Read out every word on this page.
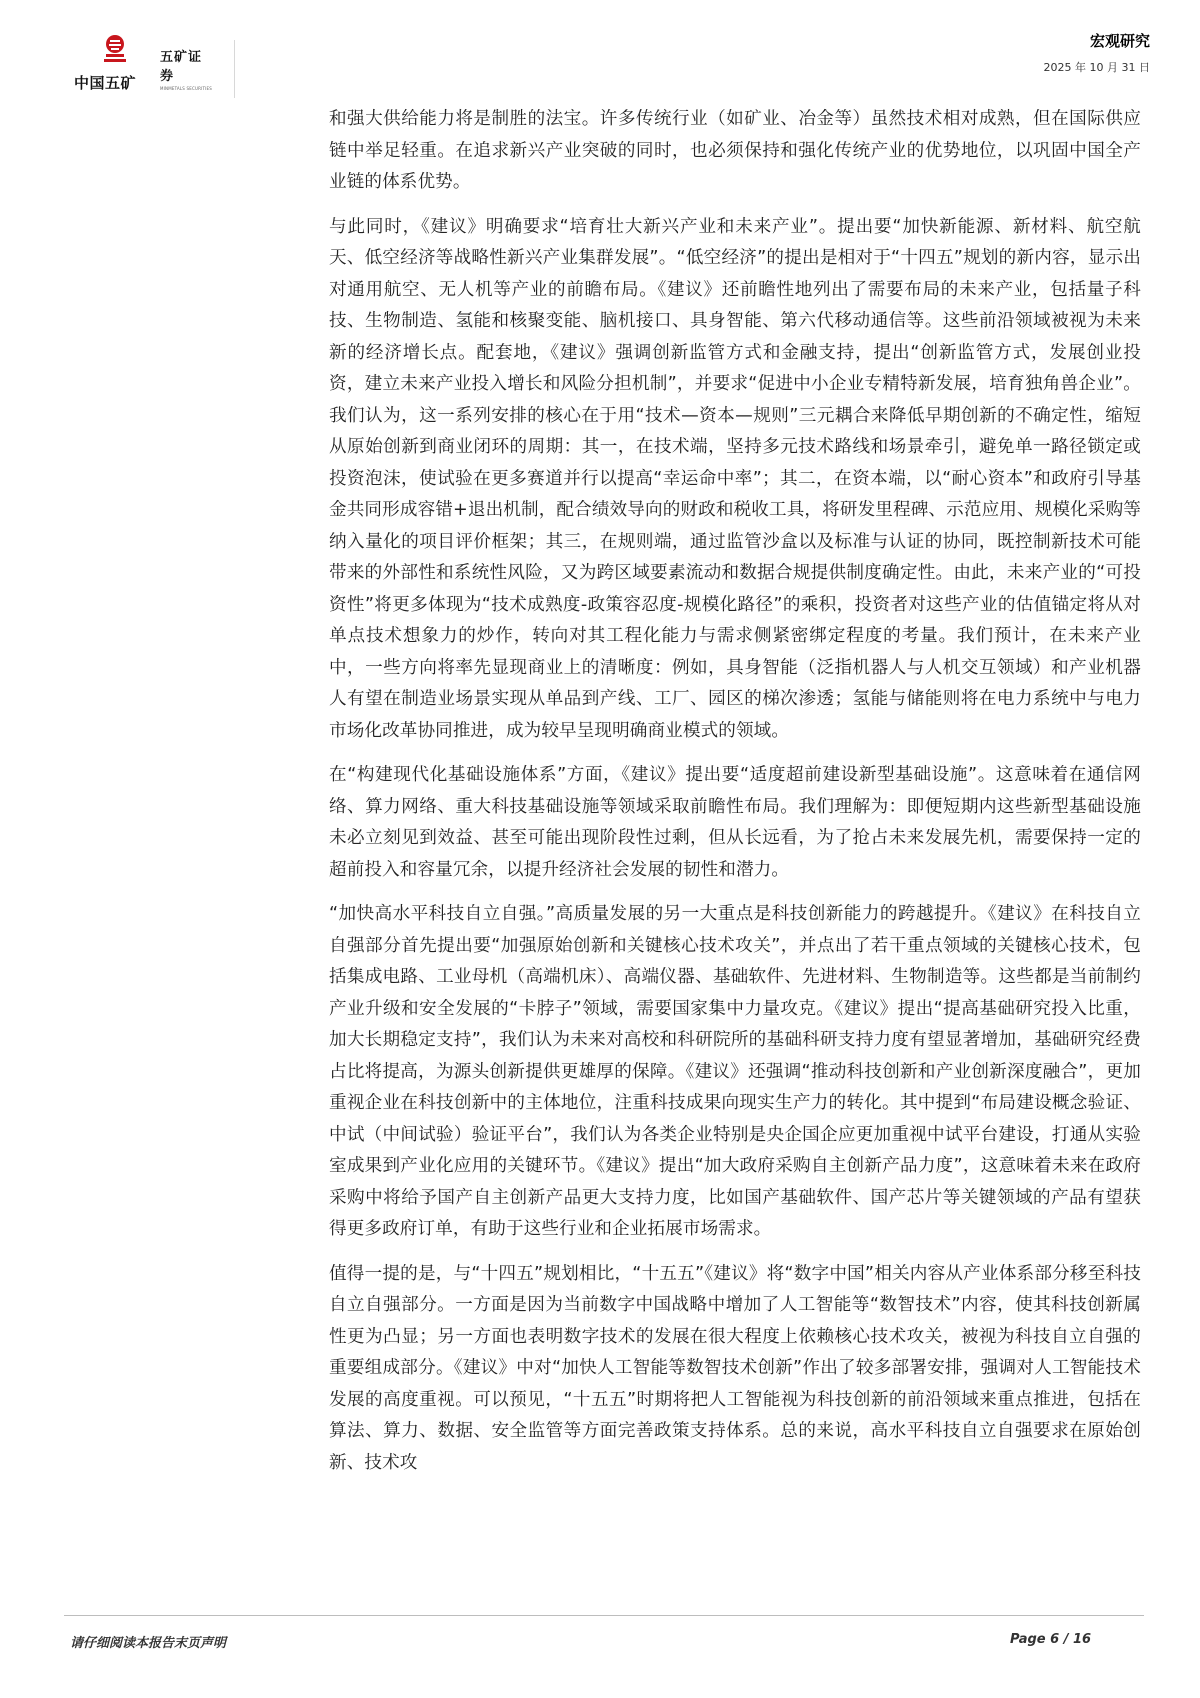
中国五矿
五矿证券
MINMETALS SECURITIES
宏观研究
2025 年 10 月 31 日

和强大供给能力将是制胜的法宝。许多传统行业（如矿业、冶金等）虽然技术相对成熟，但在国际供应链中举足轻重。在追求新兴产业突破的同时，也必须保持和强化传统产业的优势地位，以巩固中国全产业链的体系优势。

与此同时，《建议》明确要求“培育壮大新兴产业和未来产业”。提出要“加快新能源、新材料、航空航天、低空经济等战略性新兴产业集群发展”。“低空经济”的提出是相对于“十四五”规划的新内容，显示出对通用航空、无人机等产业的前瞻布局。《建议》还前瞻性地列出了需要布局的未来产业，包括量子科技、生物制造、氢能和核聚变能、脑机接口、具身智能、第六代移动通信等。这些前沿领域被视为未来新的经济增长点。配套地，《建议》强调创新监管方式和金融支持，提出“创新监管方式，发展创业投资，建立未来产业投入增长和风险分担机制”，并要求“促进中小企业专精特新发展，培育独角兽企业”。我们认为，这一系列安排的核心在于用“技术—资本—规则”三元耦合来降低早期创新的不确定性，缩短从原始创新到商业闭环的周期：其一，在技术端，坚持多元技术路线和场景牵引，避免单一路径锁定或投资泡沫，使试验在更多赛道并行以提高“幸运命中率”；其二，在资本端，以“耐心资本”和政府引导基金共同形成容错+退出机制，配合绩效导向的财政和税收工具，将研发里程碑、示范应用、规模化采购等纳入量化的项目评价框架；其三，在规则端，通过监管沙盒以及标准与认证的协同，既控制新技术可能带来的外部性和系统性风险，又为跨区域要素流动和数据合规提供制度确定性。由此，未来产业的“可投资性”将更多体现为“技术成熟度-政策容忍度-规模化路径”的乘积，投资者对这些产业的估值锚定将从对单点技术想象力的炒作，转向对其工程化能力与需求侧紧密绑定程度的考量。我们预计，在未来产业中，一些方向将率先显现商业上的清晰度：例如，具身智能（泛指机器人与人机交互领域）和产业机器人有望在制造业场景实现从单品到产线、工厂、园区的梯次渗透；氢能与储能则将在电力系统中与电力市场化改革协同推进，成为较早呈现明确商业模式的领域。

在“构建现代化基础设施体系”方面，《建议》提出要“适度超前建设新型基础设施”。这意味着在通信网络、算力网络、重大科技基础设施等领域采取前瞻性布局。我们理解为：即便短期内这些新型基础设施未必立刻见到效益、甚至可能出现阶段性过剩，但从长远看，为了抢占未来发展先机，需要保持一定的超前投入和容量冗余，以提升经济社会发展的韧性和潜力。

“加快高水平科技自立自强。”高质量发展的另一大重点是科技创新能力的跨越提升。《建议》在科技自立自强部分首先提出要“加强原始创新和关键核心技术攻关”，并点出了若干重点领域的关键核心技术，包括集成电路、工业母机（高端机床）、高端仪器、基础软件、先进材料、生物制造等。这些都是当前制约产业升级和安全发展的“卡脖子”领域，需要国家集中力量攻克。《建议》提出“提高基础研究投入比重，加大长期稳定支持”，我们认为未来对高校和科研院所的基础科研支持力度有望显著增加，基础研究经费占比将提高，为源头创新提供更雄厚的保障。《建议》还强调“推动科技创新和产业创新深度融合”，更加重视企业在科技创新中的主体地位，注重科技成果向现实生产力的转化。其中提到“布局建设概念验证、中试（中间试验）验证平台”，我们认为各类企业特别是央企国企应更加重视中试平台建设，打通从实验室成果到产业化应用的关键环节。《建议》提出“加大政府采购自主创新产品力度”，这意味着未来在政府采购中将给予国产自主创新产品更大支持力度，比如国产基础软件、国产芯片等关键领域的产品有望获得更多政府订单，有助于这些行业和企业拓展市场需求。

值得一提的是，与“十四五”规划相比，“十五五”《建议》将“数字中国”相关内容从产业体系部分移至科技自立自强部分。一方面是因为当前数字中国战略中增加了人工智能等“数智技术”内容，使其科技创新属性更为凸显；另一方面也表明数字技术的发展在很大程度上依赖核心技术攻关，被视为科技自立自强的重要组成部分。《建议》中对“加快人工智能等数智技术创新”作出了较多部署安排，强调对人工智能技术发展的高度重视。可以预见，“十五五”时期将把人工智能视为科技创新的前沿领域来重点推进，包括在算法、算力、数据、安全监管等方面完善政策支持体系。总的来说，高水平科技自立自强要求在原始创新、技术攻

请仔细阅读本报告末页声明	Page 6 / 16
